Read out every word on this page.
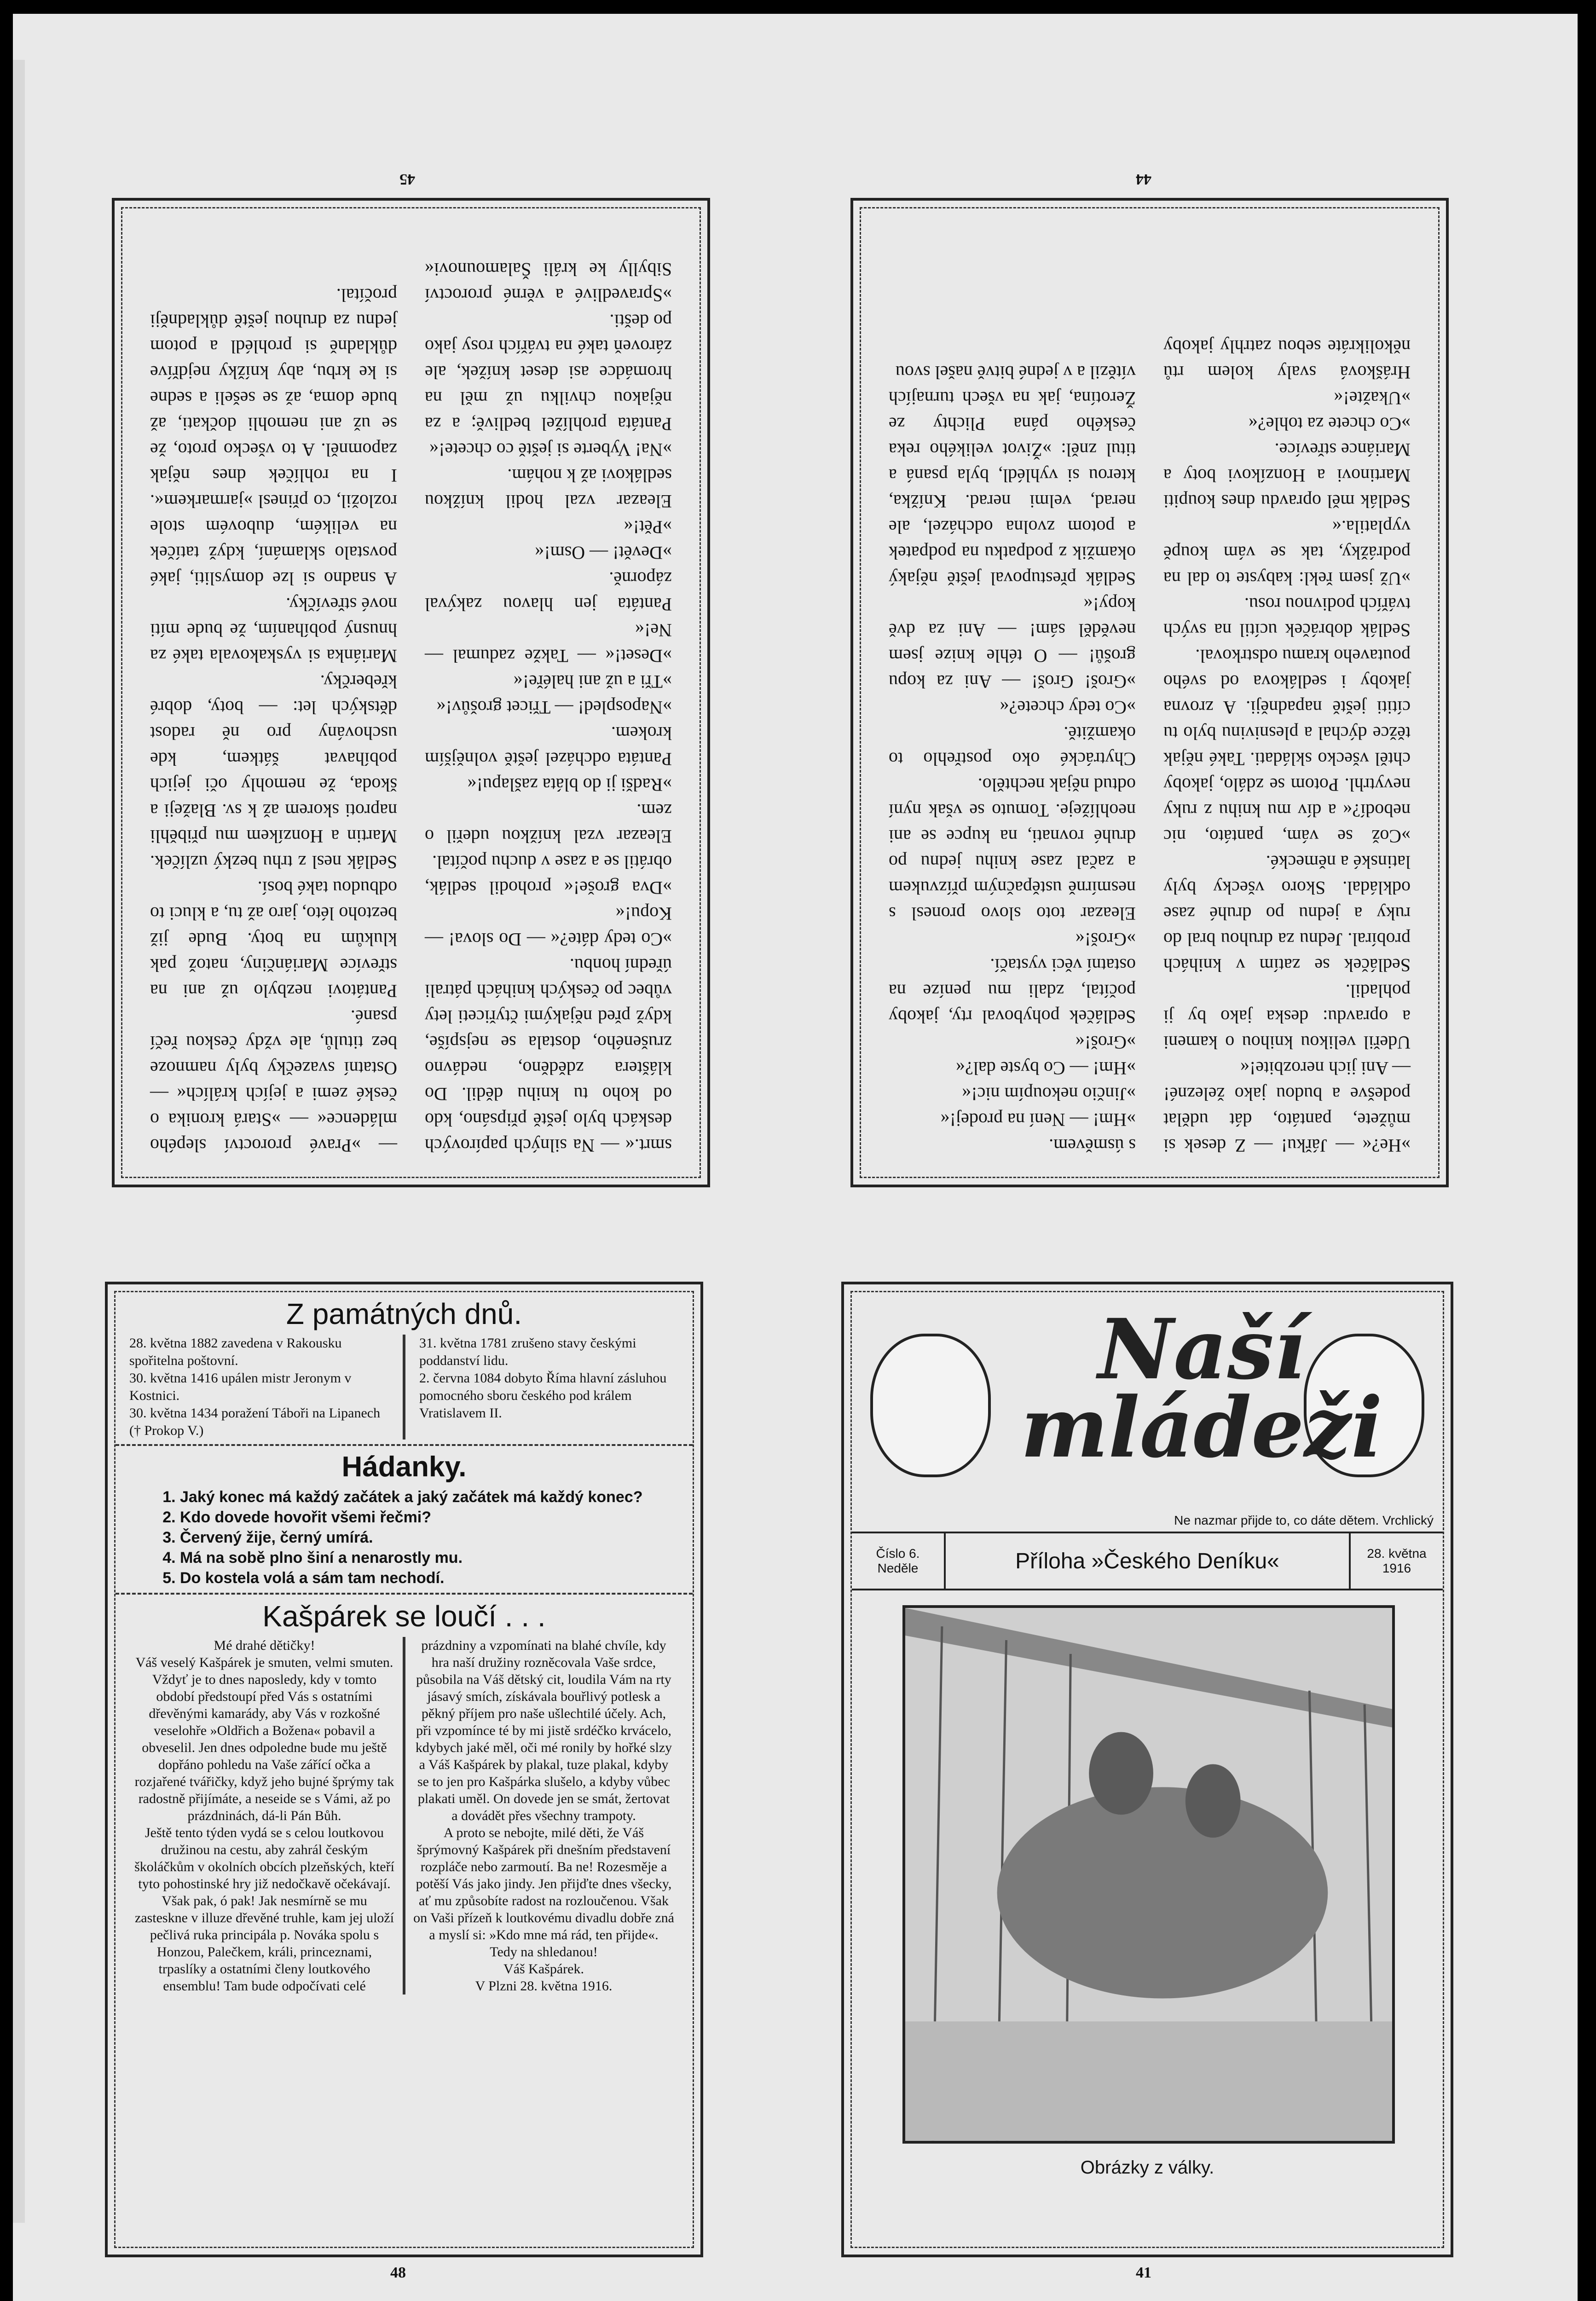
smrt.« — Na silných papírových deskách bylo ještě připsáno, kdo od koho tu knihu dědil. Do kláštera zděděno, nedávno zrušeného, dostala se nejspíše, když před nějakými čtyřiceti lety vůbec po českých knihách pátrali úřední honbu.
»Co tedy dáte?« — Do slova! — Kopu!«
»Dva groše!« prohodil sedlák, obrátil se a zase v duchu počítal.
Eleazar vzal knížkou udeřil o zem.
»Radši ji do bláta zašlapu!«
Pantáta odcházel ještě volnějším krokem.
»Napospled! — Třicet grošův!«
»Tři a už ani haléře!«
»Deset!« — Takže zadumal — Ne!«
Pantáta jen hlavou zakýval záporně.
»Devět! — Osm!«
»Pět!«
Eleazar vzal hodil knížkou sedlákovi až k nohám.
»Na! Vyberte si ještě co chcete!«
Pantáta prohlížel bedlivě; a za nějakou chvilku už měl na hromádce asi deset knížek, ale zároveň také na tvářích rosy jako po dešti.
»Spravedlivé a věrné proroctví Sibylly ke králi Šalamounovi« — »Pravé proroctví slepého mládence« — »Stará kronika o české zemi a jejích králích« — Ostatní svazečky byly namnoze bez titulů, ale vždy českou řečí psané.
Pantátovi nezbylo už ani na střevíce Mariánčiny, natož pak klukům na boty. Bude již beztoho léto, jaro až tu, a kluci to odbudou také bosí.
Sedlák nesl z trhu bezký uzlíček. Martin a Honzíkem mu přiběhli naproti skorem až k sv. Blažeji a škoda, že nemohly oči jejich pobíhavat šátkem, kde uschovány pro ně radost dětských let: — boty, dobré křeberčky.
Mariánka si vyskakovala také za hnusný pobíhaním, že bude míti nové střevíčky.
A snadno si lze domysliti, jaké povstalo sklamání, když tatíček na velikém, dubovém stole rozložil, co přinesl »jarmarkem«. I na rohlíček dnes nějak zapomněl. A to všecko proto, že se už ani nemohli dočkati, až bude doma, až se sešeli a sedne si ke krbu, aby knížky nejdříve důkladně si prohlédl a potom jednu za druhou ještě důkladněji pročítal.
45
»He?« — Jářku! — Z desek si můžete, pantáto, dát udělat podešve a budou jako železné! — Ani jich nerozbite!«
Udeřil velikou knihou o kameni a opravdu: deska jako by ji pohladil.
Sedláček se zatím v knihách probíral. Jednu za druhou bral do ruky a jednu po druhé zase odkládal. Skoro všecky byly latinské a německé.
»Což se vám, pantáto, nic nebodí?« a dív mu knihu z ruky nevytrhl. Potom se zdálo, jakoby chtěl všecko skládati. Také nějak těžce dýchal a plesnivinu bylo tu cítiti ještě napadněji. A zrovna jakoby i sedlákova od svého poutaveho kramu odstrkoval.
Sedlák dobráček ucítil na svých tvářích podivnou rosu.
»Už jsem řekl: kabyste to dal na podrážky, tak se vám koupě vyplatila.«
Sedlák měl opravdu dnes koupiti Martinovi a Honzíkovi boty a Mariánce střevíce.
»Co chcete za tohle?«
»Ukažte!«
Hrášková svaly kolem rtů několikráte sebou zatrhly jakoby s úsměvem.
»Hm! — Není na prodej!«
»Jinčio nekoupím nic!«
»Hm! — Co byste dal?«
»Groš!«
Sedláček pohyboval rty, jakoby počítal, zdali mu peníze na ostatní věci vystačí.
»Groš!«
Eleazar toto slovo pronesl s nesmírně ustěpačným přízvukem a začal zase knihu jednu po druhé rovnati, na kupce se ani neohlížeje. Tomuto se však nyní odtud nějak nechtělo.
Chytrácké oko postřehlo to okamžitě.
»Co tedy chcete?«
»Groš! Groš! — Ani za kopu grošů! — O téhle knize jsem nevěděl sám! — Ani za dvě kopy!«
Sedlák přestupoval ještě nějaký okamžik z podpatku na podpatek a potom zvolna odcházel, ale nerad, velmi nerad. Knížka, kterou si vyhlédl, byla psaná a titul zněl: »Život velikého reka českého pána Plichty ze Žerotína, jak na všech turnajích vítězil a v jedné bitvě našel svou
44
Z památných dnů.
28. května 1882 zavedena v Rakousku spořitelna poštovní.
30. května 1416 upálen mistr Jeronym v Kostnici.
30. května 1434 poražení Táboři na Lipanech († Prokop V.)
31. května 1781 zrušeno stavy českými poddanství lidu.
2. června 1084 dobyto Říma hlavní zásluhou pomocného sboru českého pod králem Vratislavem II.
Hádanky.
1. Jaký konec má každý začátek a jaký začátek má každý konec?
2. Kdo dovede hovořit všemi řečmi?
3. Červený žije, černý umírá.
4. Má na sobě plno šiní a nenarostly mu.
5. Do kostela volá a sám tam nechodí.
Kašpárek se loučí . . .
Mé drahé dětičky!
Váš veselý Kašpárek je smuten, velmi smuten. Vždyť je to dnes naposledy, kdy v tomto období předstoupí před Vás s ostatními dřevěnými kamarády, aby Vás v rozkošné veselohře »Oldřich a Božena« pobavil a obveselil. Jen dnes odpoledne bude mu ještě dopřáno pohledu na Vaše zářící očka a rozjařené tvářičky, když jeho bujné šprýmy tak radostně přijímáte, a neseide se s Vámi, až po prázdninách, dá-li Pán Bůh.
Ještě tento týden vydá se s celou loutkovou družinou na cestu, aby zahrál českým školáčkům v okolních obcích plzeňských, kteří tyto pohostinské hry již nedočkavě očekávají.
Však pak, ó pak! Jak nesmírně se mu zastesknе v illuze dřevěné truhle, kam jej uloží pečlivá ruka principála p. Nováka spolu s Honzou, Palečkem, králi, princeznami, trpaslíky a ostatními členy loutkového ensemblu! Tam bude odpočívati celé prázdniny a vzpomínati na blahé chvíle, kdy hra naší družiny rozněcovala Vaše srdce, působila na Váš dětský cit, loudila Vám na rty jásavý smích, získávala bouřlivý potlesk a pěkný příjem pro naše ušlechtilé účely. Ach, při vzpomínce té by mi jistě srdéčko krvácelo, kdybych jaké měl, oči mé ronily by hořké slzy a Váš Kašpárek by plakal, tuze plakal, kdyby se to jen pro Kašpárka slušelo, a kdyby vůbec plakati uměl. On dovede jen se smát, žertovat a dovádět přes všechny trampoty.
A proto se nebojte, milé děti, že Váš šprýmovný Kašpárek při dnešním představení rozpláče nebo zarmoutí. Ba ne! Rozesměje a potěší Vás jako jindy. Jen přijďte dnes všecky, ať mu způsobíte radost na rozloučenou. Však on Vaši přízeň k loutkovému divadlu dobře zná a myslí si: »Kdo mne má rád, ten přijde«.
Tedy na shledanou!
Váš Kašpárek.
V Plzni 28. května 1916.
48
Naší mládeži
Ne nazmar přijde to, co dáte dětem. Vrchlický
Číslo 6.
Neděle	Příloha »Českého Deníku«	28. května
1916
Obrázky z války.
41
